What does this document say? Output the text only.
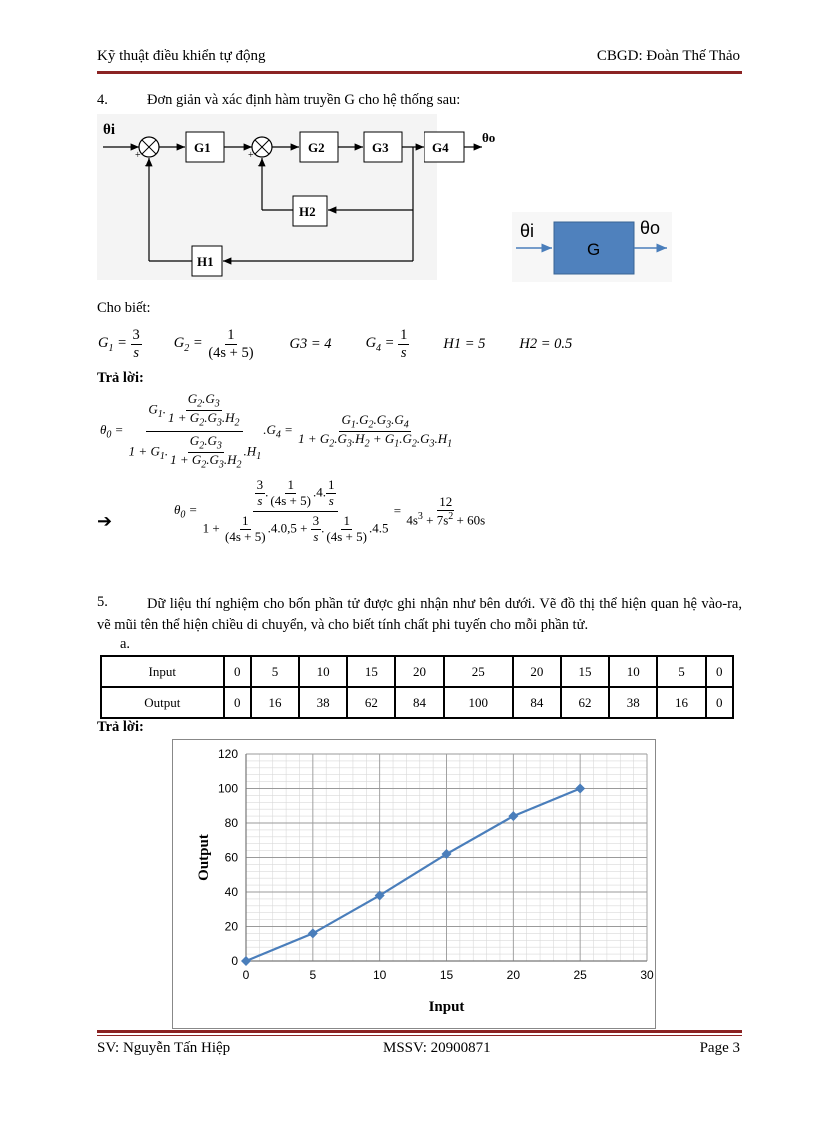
Kỹ thuật điều khiển tự động	CBGD: Đoàn Thế Thảo
4.	Đơn giản và xác định hàm truyền G cho hệ thống sau:
θi
+
–
G1
+
–
G2	G3
H2
H1
G4
θo
θi
G
θo
Cho biết:
$G_1 = \frac{3}{s} G_2 = \frac{1}{(4s + 5)} G3 = 4$ $G_4 = \frac{1}{s} H1 = 5$ H2 = 0.5
Trả lời:
$\theta_0 = \frac{G_1. \frac{G_2.G_3}{1 + G_2.G_3.H_2}}{1 + G_1. \frac{G_2.G_3}{1 + G_2.G_3.H_2} .H_1} .G_4 = \frac{G_1.G_2.G_3.G_4}{1 + G_2.G_3.H_2 + G_1.G_2.G_3.H_1}$
➔
$\theta_0 = \frac{\frac{3}{s} . \frac{1}{(4s + 5)} .4. \frac{1}{s}}{1 + \frac{1}{(4s + 5)} .4.0,5 + \frac{3}{s} . \frac{1}{(4s + 5)} .4.5} = \frac{12}{4s^3 + 7s^2 + 60s}$
5.	Dữ liệu thí nghiệm cho bốn phần tử được ghi nhận như bên dưới. Vẽ đồ thị thể hiện quan hệ vào-ra, vẽ mũi tên thể hiện chiều di chuyển, và cho biết tính chất phi tuyến cho mỗi phần tử.
a.
Input	0	5	10	15	20	25	20	15	10	5	0
Output	0	16	38	62	84	100	84	62	38	16	0
Trả lời:
0	5	10	15	20	25	30
0
20
40
60
80
100
120
Input
Output
SV: Nguyễn Tấn Hiệp	MSSV: 20900871	Page 3
